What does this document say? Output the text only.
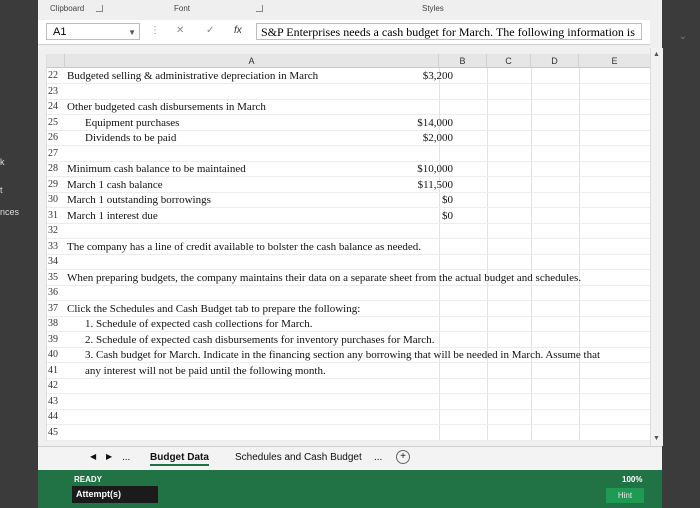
k
t
nces
Clipboard	Font	Styles
A1	▼ ⋮ ✕ ✓ fx	S&P Enterprises needs a cash budget for March. The following information is	⌄
A	B	C	D	E
22 Budgeted selling & administrative depreciation in March	$3,200
23
24 Other budgeted cash disbursements in March
25	Equipment purchases	$14,000
26	Dividends to be paid	$2,000
27
28 Minimum cash balance to be maintained	$10,000
29 March 1 cash balance	$11,500
30 March 1 outstanding borrowings	$0
31 March 1 interest due	$0
32
33 The company has a line of credit available to bolster the cash balance as needed.
34
35 When preparing budgets, the company maintains their data on a separate sheet from the actual budget and schedules.
36
37 Click the Schedules and Cash Budget tab to prepare the following:
38	1. Schedule of expected cash collections for March.
39	2. Schedule of expected cash disbursements for inventory purchases for March.
40	3. Cash budget for March. Indicate in the financing section any borrowing that will be needed in March. Assume that
41	any interest will not be paid until the following month.
42
43
44
45
▲
▼
◀ ▶ ... Budget Data	Schedules and Cash Budget ...	+
READY	100%
Attempt(s)	Hint
